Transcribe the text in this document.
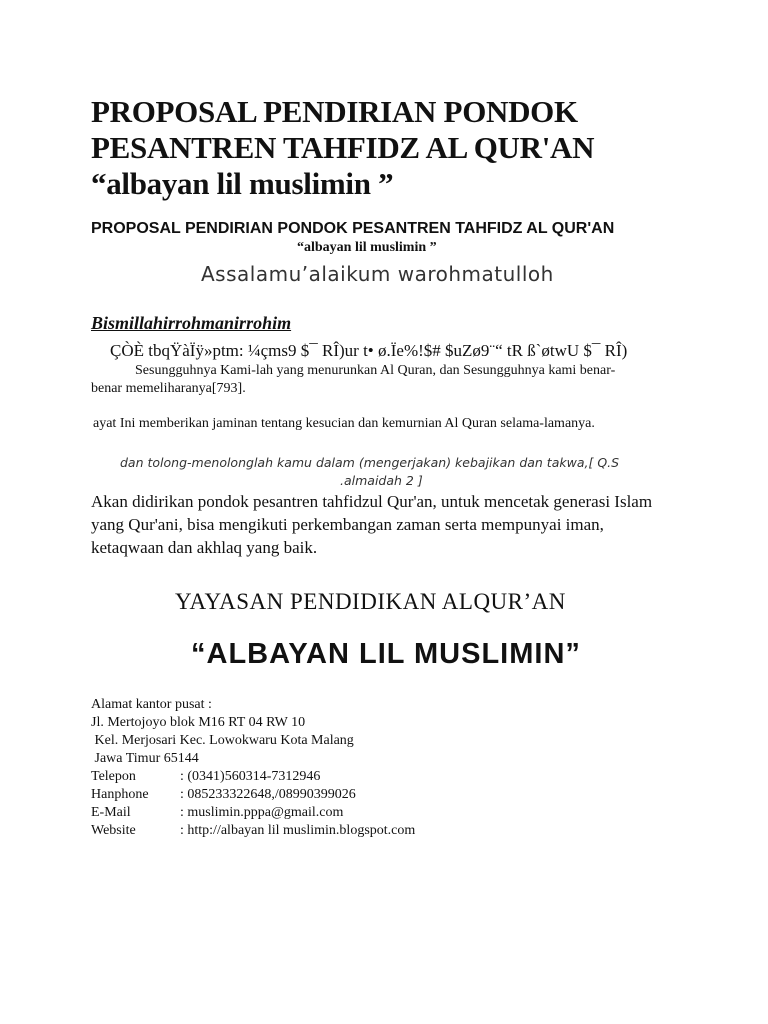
PROPOSAL PENDIRIAN PONDOK
PESANTREN TAHFIDZ AL QUR'AN
“albayan lil muslimin ”
PROPOSAL PENDIRIAN PONDOK PESANTREN TAHFIDZ AL QUR'AN
“albayan lil muslimin ”
Assalamu’alaikum warohmatulloh
Bismillahirrohmanirrohim
ÇÒÈ tbqŸàÏÿ»ptm: ¼çms9 $¯ RÎ)ur t• ø.Ïe%!$# $uZø9¨“ tR ß`øtwU $¯ RÎ)
Sesungguhnya Kami-lah yang menurunkan Al Quran, dan Sesungguhnya kami benar-
benar memeliharanya[793].
ayat Ini memberikan jaminan tentang kesucian dan kemurnian Al Quran selama-lamanya.
dan tolong-menolonglah kamu dalam (mengerjakan) kebajikan dan takwa,[ Q.S
.almaidah 2 ]
Akan didirikan pondok pesantren tahfidzul Qur'an, untuk mencetak generasi Islam
yang Qur'ani, bisa mengikuti perkembangan zaman serta mempunyai iman,
ketaqwaan dan akhlaq yang baik.
YAYASAN PENDIDIKAN ALQUR’AN
“ALBAYAN LIL MUSLIMIN”
Alamat kantor pusat :
Jl. Mertojoyo blok M16 RT 04 RW 10
Kel. Merjosari Kec. Lowokwaru Kota Malang
Jawa Timur 65144
Telepon	: (0341)560314-7312946
Hanphone : 085233322648,/08990399026
E-Mail	: muslimin.pppa@gmail.com
Website	: http://albayan lil muslimin.blogspot.com
